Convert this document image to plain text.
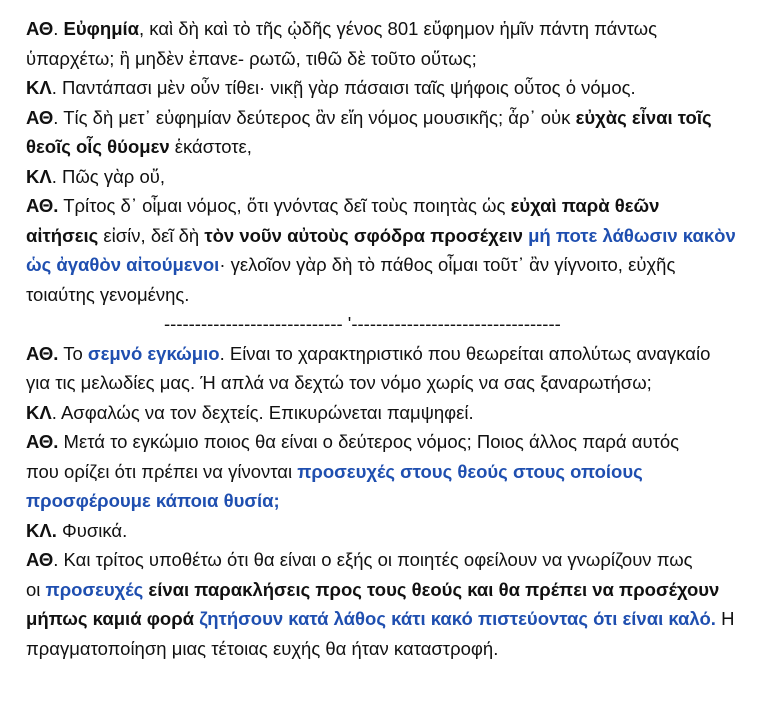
ΑΘ. Εὐφημία, καὶ δὴ καὶ τὸ τῆς ᾠδῆς γένος 801 εὔφημον ἡμῖν πάντη πάντως
ὑπαρχέτω; ἢ μηδὲν ἐπανε- ρωτῶ, τιθῶ δὲ τοῦτο οὕτως;
ΚΛ. Παντάπασι μὲν οὖν τίθει· νικῇ γὰρ πάσαισι ταῖς ψήφοις οὗτος ὁ νόμος.
ΑΘ. Τίς δὴ μετ᾽ εὐφημίαν δεύτερος ἂν εἴη νόμος μουσικῆς; ἆρ᾽ οὐκ εὐχὰς εἶναι τοῖς
θεοῖς οἷς θύομεν ἑκάστοτε,
ΚΛ. Πῶς γὰρ οὔ,
ΑΘ. Τρίτος δ᾽ οἶμαι νόμος, ὅτι γνόντας δεῖ τοὺς ποιητὰς ὡς εὐχαὶ παρὰ θεῶν
αἰτήσεις εἰσίν, δεῖ δὴ τὸν νοῦν αὐτοὺς σφόδρα προσέχειν μή ποτε λάθωσιν κακὸν
ὡς ἀγαθὸν αἰτούμενοι· γελοῖον γὰρ δὴ τὸ πάθος οἶμαι τοῦτ᾽ ἂν γίγνοιτο, εὐχῆς
τοιαύτης γενομένης.
----------------------------- '----------------------------------
ΑΘ. Το σεμνό εγκώμιο. Είναι το χαρακτηριστικό που θεωρείται απολύτως αναγκαίο
για τις μελωδίες μας. Ή απλά να δεχτώ τον νόμο χωρίς να σας ξαναρωτήσω;
ΚΛ. Ασφαλώς να τον δεχτείς. Επικυρώνεται παμψηφεί.
ΑΘ. Μετά το εγκώμιο ποιος θα είναι ο δεύτερος νόμος; Ποιος άλλος παρά αυτός
που ορίζει ότι πρέπει να γίνονται προσευχές στους θεούς στους οποίους
προσφέρουμε κάποια θυσία;
ΚΛ. Φυσικά.
ΑΘ. Και τρίτος υποθέτω ότι θα είναι ο εξής οι ποιητές οφείλουν να γνωρίζουν πως
οι προσευχές είναι παρακλήσεις προς τους θεούς και θα πρέπει να προσέχουν
μήπως καμιά φορά ζητήσουν κατά λάθος κάτι κακό πιστεύοντας ότι είναι καλό. Η
πραγματοποίηση μιας τέτοιας ευχής θα ήταν καταστροφή.
